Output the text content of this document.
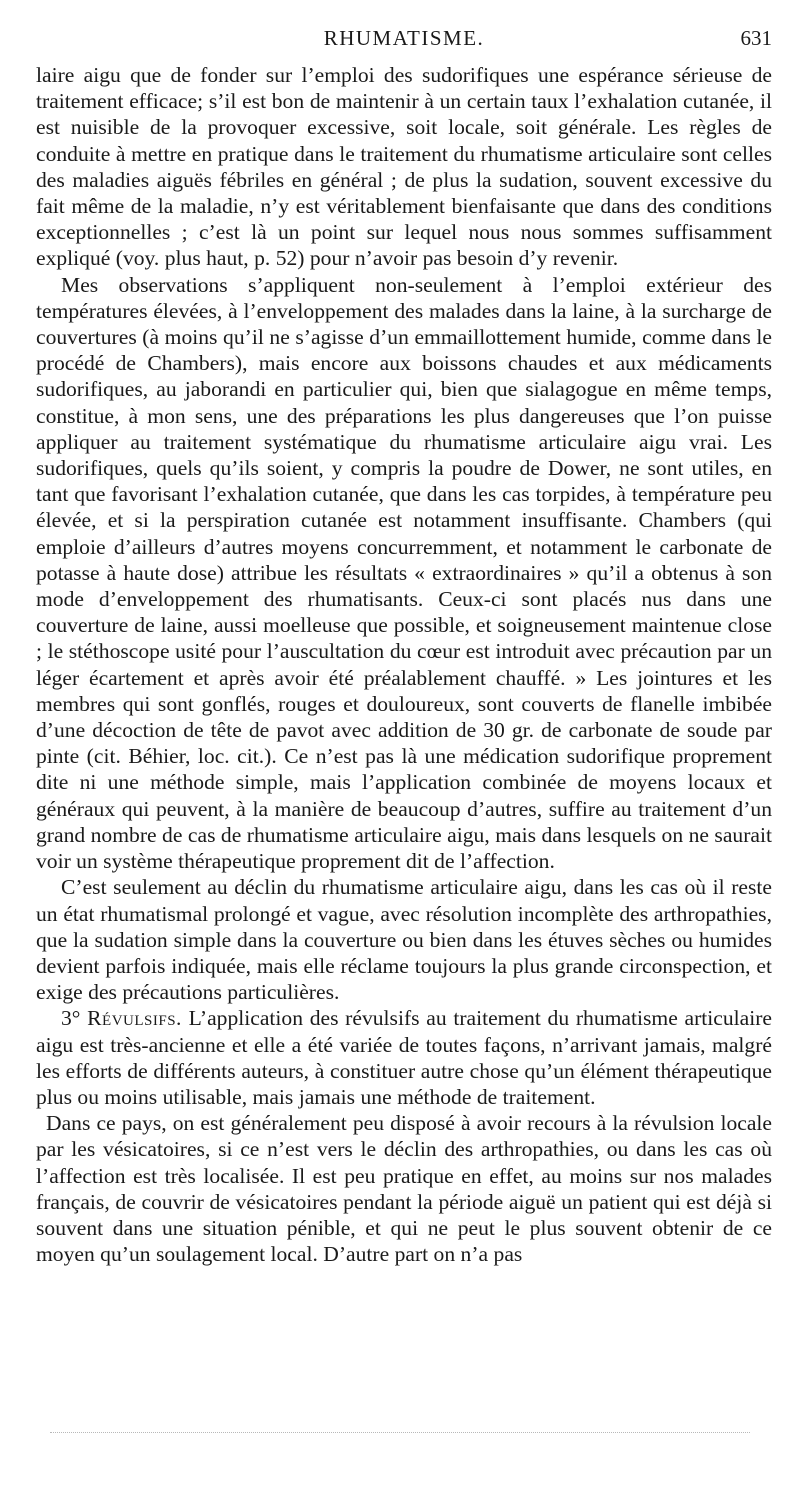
RHUMATISME.	631

laire aigu que de fonder sur l’emploi des sudorifiques une espérance sérieuse de traitement efficace; s’il est bon de maintenir à un certain taux l’exhalation cutanée, il est nuisible de la provoquer excessive, soit locale, soit générale. Les règles de conduite à mettre en pratique dans le traitement du rhumatisme articulaire sont celles des maladies aiguës fébriles en général ; de plus la sudation, souvent excessive du fait même de la maladie, n’y est véritablement bienfaisante que dans des conditions exceptionnelles ; c’est là un point sur lequel nous nous sommes suffisamment expliqué (voy. plus haut, p. 52) pour n’avoir pas besoin d’y revenir.

Mes observations s’appliquent non-seulement à l’emploi extérieur des températures élevées, à l’enveloppement des malades dans la laine, à la surcharge de couvertures (à moins qu’il ne s’agisse d’un emmaillottement humide, comme dans le procédé de Chambers), mais encore aux boissons chaudes et aux médicaments sudorifiques, au jaborandi en particulier qui, bien que sialagogue en même temps, constitue, à mon sens, une des préparations les plus dangereuses que l’on puisse appliquer au traitement systématique du rhumatisme articulaire aigu vrai. Les sudorifiques, quels qu’ils soient, y compris la poudre de Dower, ne sont utiles, en tant que favorisant l’exhalation cutanée, que dans les cas torpides, à température peu élevée, et si la perspiration cutanée est notamment insuffisante. Chambers (qui emploie d’ailleurs d’autres moyens concurremment, et notamment le carbonate de potasse à haute dose) attribue les résultats « extraordinaires » qu’il a obtenus à son mode d’enveloppement des rhumatisants. Ceux-ci sont placés nus dans une couverture de laine, aussi moelleuse que possible, et soigneusement maintenue close ; le stéthoscope usité pour l’auscultation du cœur est introduit avec précaution par un léger écartement et après avoir été préalablement chauffé. » Les jointures et les membres qui sont gonflés, rouges et douloureux, sont couverts de flanelle imbibée d’une décoction de tête de pavot avec addition de 30 gr. de carbonate de soude par pinte (cit. Béhier, loc. cit.). Ce n’est pas là une médication sudorifique proprement dite ni une méthode simple, mais l’application combinée de moyens locaux et généraux qui peuvent, à la manière de beaucoup d’autres, suffire au traitement d’un grand nombre de cas de rhumatisme articulaire aigu, mais dans lesquels on ne saurait voir un système thérapeutique proprement dit de l’affection.

C’est seulement au déclin du rhumatisme articulaire aigu, dans les cas où il reste un état rhumatismal prolongé et vague, avec résolution incomplète des arthropathies, que la sudation simple dans la couverture ou bien dans les étuves sèches ou humides devient parfois indiquée, mais elle réclame toujours la plus grande circonspection, et exige des précautions particulières.

3° Révulsifs. L’application des révulsifs au traitement du rhumatisme articulaire aigu est très-ancienne et elle a été variée de toutes façons, n’arrivant jamais, malgré les efforts de différents auteurs, à constituer autre chose qu’un élément thérapeutique plus ou moins utilisable, mais jamais une méthode de traitement.

Dans ce pays, on est généralement peu disposé à avoir recours à la révulsion locale par les vésicatoires, si ce n’est vers le déclin des arthropathies, ou dans les cas où l’affection est très localisée. Il est peu pratique en effet, au moins sur nos malades français, de couvrir de vésicatoires pendant la période aiguë un patient qui est déjà si souvent dans une situation pénible, et qui ne peut le plus souvent obtenir de ce moyen qu’un soulagement local. D’autre part on n’a pas
